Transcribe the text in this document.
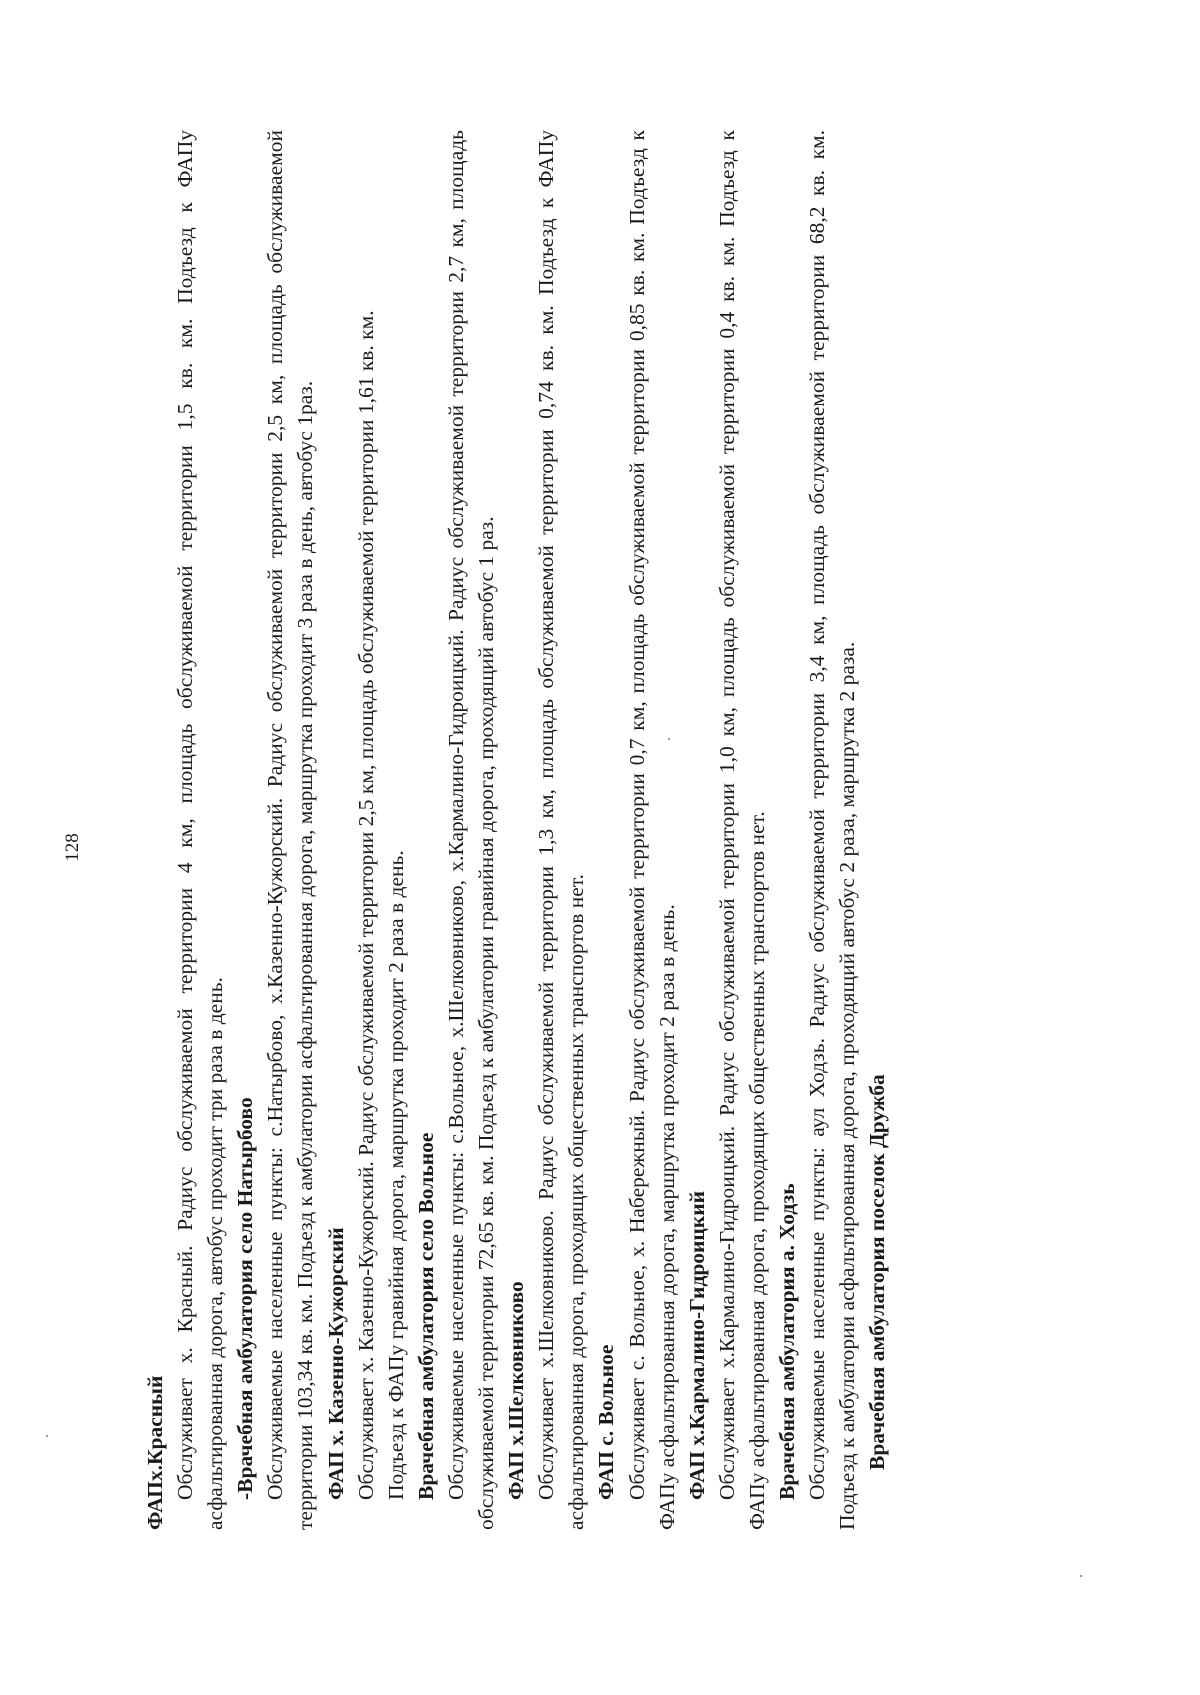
128

ФАПх.Красный Обслуживает х. Красный. Радиус обслуживаемой территории 4 км, площадь обслуживаемой территории 1,5 кв. км. Подъезд к ФАПу асфальтированная дорога, автобус проходит три раза в день. -Врачебная амбулатория село Натырбово Обслуживаемые населенные пункты: с.Натырбово, х.Казенно-Кужорский. Радиус обслуживаемой территории 2,5 км, площадь обслуживаемой территории 103,34 кв. км. Подъезд к амбулатории асфальтированная дорога, маршрутка проходит 3 раза в день, автобус 1раз. ФАП х. Казенно-Кужорский Обслуживает х. Казенно-Кужорский. Радиус обслуживаемой территории 2,5 км, площадь обслуживаемой территории 1,61 кв. км. Подъезд к ФАПу гравийная дорога, маршрутка проходит 2 раза в день. Врачебная амбулатория село Вольное Обслуживаемые населенные пункты: с.Вольное, х.Шелковниково, х.Кармалино-Гидроицкий. Радиус обслуживаемой территории 2,7 км, площадь обслуживаемой территории 72,65 кв. км. Подъезд к амбулатории гравийная дорога, проходящий автобус 1 раз. ФАП х.Шелковниково Обслуживает х.Шелковниково. Радиус обслуживаемой территории 1,3 км, площадь обслуживаемой территории 0,74 кв. км. Подъезд к ФАПу асфальтированная дорога, проходящих общественных транспортов нет. ФАП с. Вольное Обслуживает с. Вольное, х. Набережный. Радиус обслуживаемой территории 0,7 км, площадь обслуживаемой территории 0,85 кв. км. Подъезд к ФАПу асфальтированная дорога, маршрутка проходит 2 раза в день. ФАП х.Кармалино-Гидроицкий Обслуживает х.Кармалино-Гидроицкий. Радиус обслуживаемой территории 1,0 км, площадь обслуживаемой территории 0,4 кв. км. Подъезд к ФАПу асфальтированная дорога, проходящих общественных транспортов нет. Врачебная амбулатория а. Ходзь Обслуживаемые населенные пункты: аул Ходзь. Радиус обслуживаемой территории 3,4 км, площадь обслуживаемой территории 68,2 кв. км. Подъезд к амбулатории асфальтированная дорога, проходящий автобус 2 раза, маршрутка 2 раза. Врачебная амбулатория поселок Дружба
